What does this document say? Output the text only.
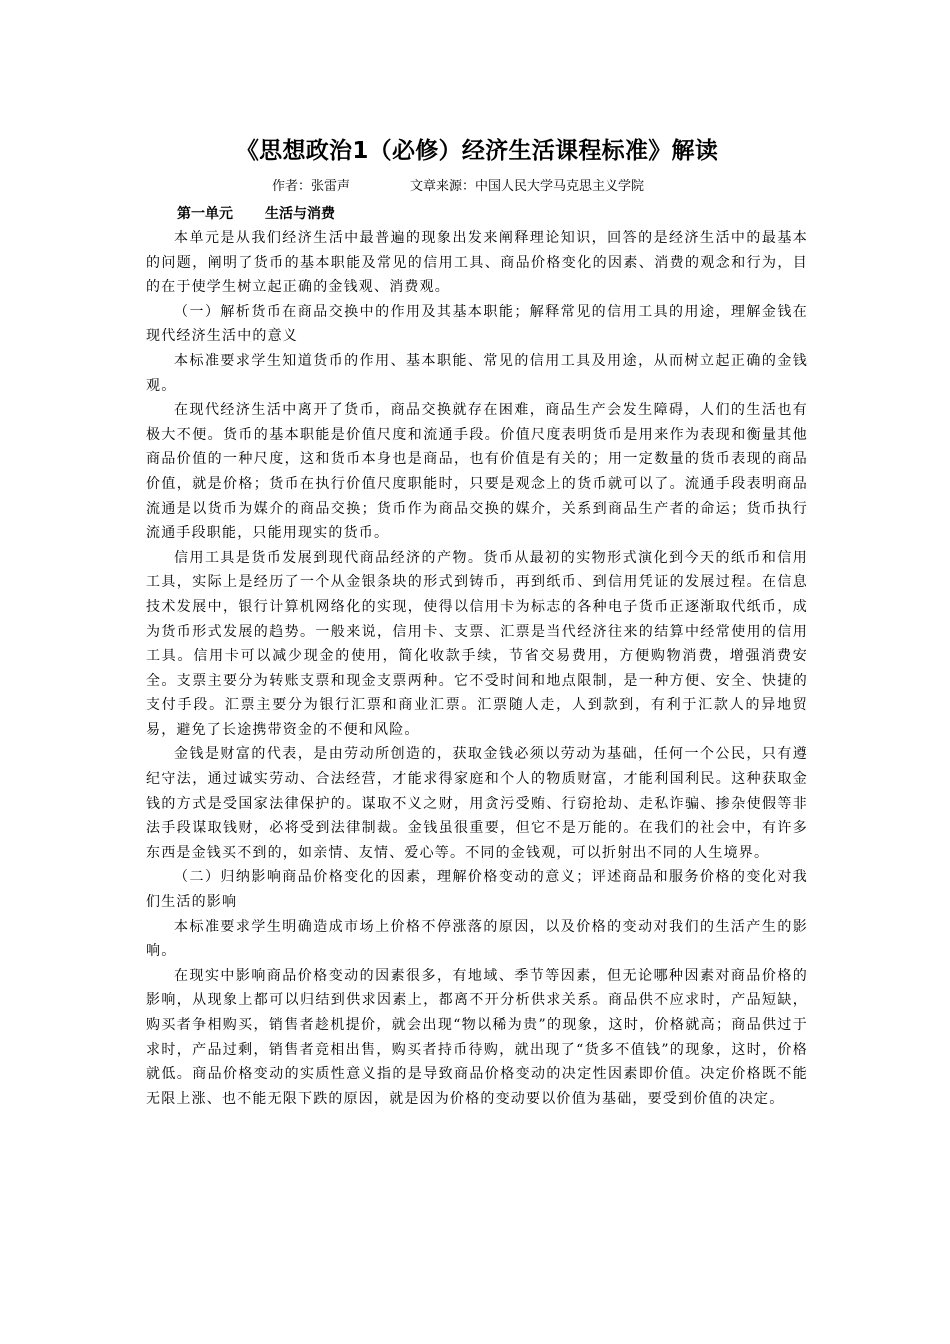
《思想政治1（必修）经济生活课程标准》解读
作者：张雷声	文章来源：中国人民大学马克思主义学院
第一单元 生活与消费

本单元是从我们经济生活中最普遍的现象出发来阐释理论知识，回答的是经济生活中的最基本的问题，阐明了货币的基本职能及常见的信用工具、商品价格变化的因素、消费的观念和行为，目的在于使学生树立起正确的金钱观、消费观。

（一）解析货币在商品交换中的作用及其基本职能；解释常见的信用工具的用途，理解金钱在现代经济生活中的意义

本标准要求学生知道货币的作用、基本职能、常见的信用工具及用途，从而树立起正确的金钱观。

在现代经济生活中离开了货币，商品交换就存在困难，商品生产会发生障碍，人们的生活也有极大不便。货币的基本职能是价值尺度和流通手段。价值尺度表明货币是用来作为表现和衡量其他商品价值的一种尺度，这和货币本身也是商品，也有价值是有关的；用一定数量的货币表现的商品价值，就是价格；货币在执行价值尺度职能时，只要是观念上的货币就可以了。流通手段表明商品流通是以货币为媒介的商品交换；货币作为商品交换的媒介，关系到商品生产者的命运；货币执行流通手段职能，只能用现实的货币。

信用工具是货币发展到现代商品经济的产物。货币从最初的实物形式演化到今天的纸币和信用工具，实际上是经历了一个从金银条块的形式到铸币，再到纸币、到信用凭证的发展过程。在信息技术发展中，银行计算机网络化的实现，使得以信用卡为标志的各种电子货币正逐渐取代纸币，成为货币形式发展的趋势。一般来说，信用卡、支票、汇票是当代经济往来的结算中经常使用的信用工具。信用卡可以减少现金的使用，简化收款手续，节省交易费用，方便购物消费，增强消费安全。支票主要分为转账支票和现金支票两种。它不受时间和地点限制，是一种方便、安全、快捷的支付手段。汇票主要分为银行汇票和商业汇票。汇票随人走，人到款到，有利于汇款人的异地贸易，避免了长途携带资金的不便和风险。

金钱是财富的代表，是由劳动所创造的，获取金钱必须以劳动为基础，任何一个公民，只有遵纪守法，通过诚实劳动、合法经营，才能求得家庭和个人的物质财富，才能利国利民。这种获取金钱的方式是受国家法律保护的。谋取不义之财，用贪污受贿、行窃抢劫、走私诈骗、掺杂使假等非法手段谋取钱财，必将受到法律制裁。金钱虽很重要，但它不是万能的。在我们的社会中，有许多东西是金钱买不到的，如亲情、友情、爱心等。不同的金钱观，可以折射出不同的人生境界。

（二）归纳影响商品价格变化的因素，理解价格变动的意义；评述商品和服务价格的变化对我们生活的影响

本标准要求学生明确造成市场上价格不停涨落的原因，以及价格的变动对我们的生活产生的影响。

在现实中影响商品价格变动的因素很多，有地域、季节等因素，但无论哪种因素对商品价格的影响，从现象上都可以归结到供求因素上，都离不开分析供求关系。商品供不应求时，产品短缺，购买者争相购买，销售者趁机提价，就会出现“物以稀为贵”的现象，这时，价格就高；商品供过于求时，产品过剩，销售者竞相出售，购买者持币待购，就出现了“货多不值钱”的现象，这时，价格就低。商品价格变动的实质性意义指的是导致商品价格变动的决定性因素即价值。决定价格既不能无限上涨、也不能无限下跌的原因，就是因为价格的变动要以价值为基础，要受到价值的决定。
